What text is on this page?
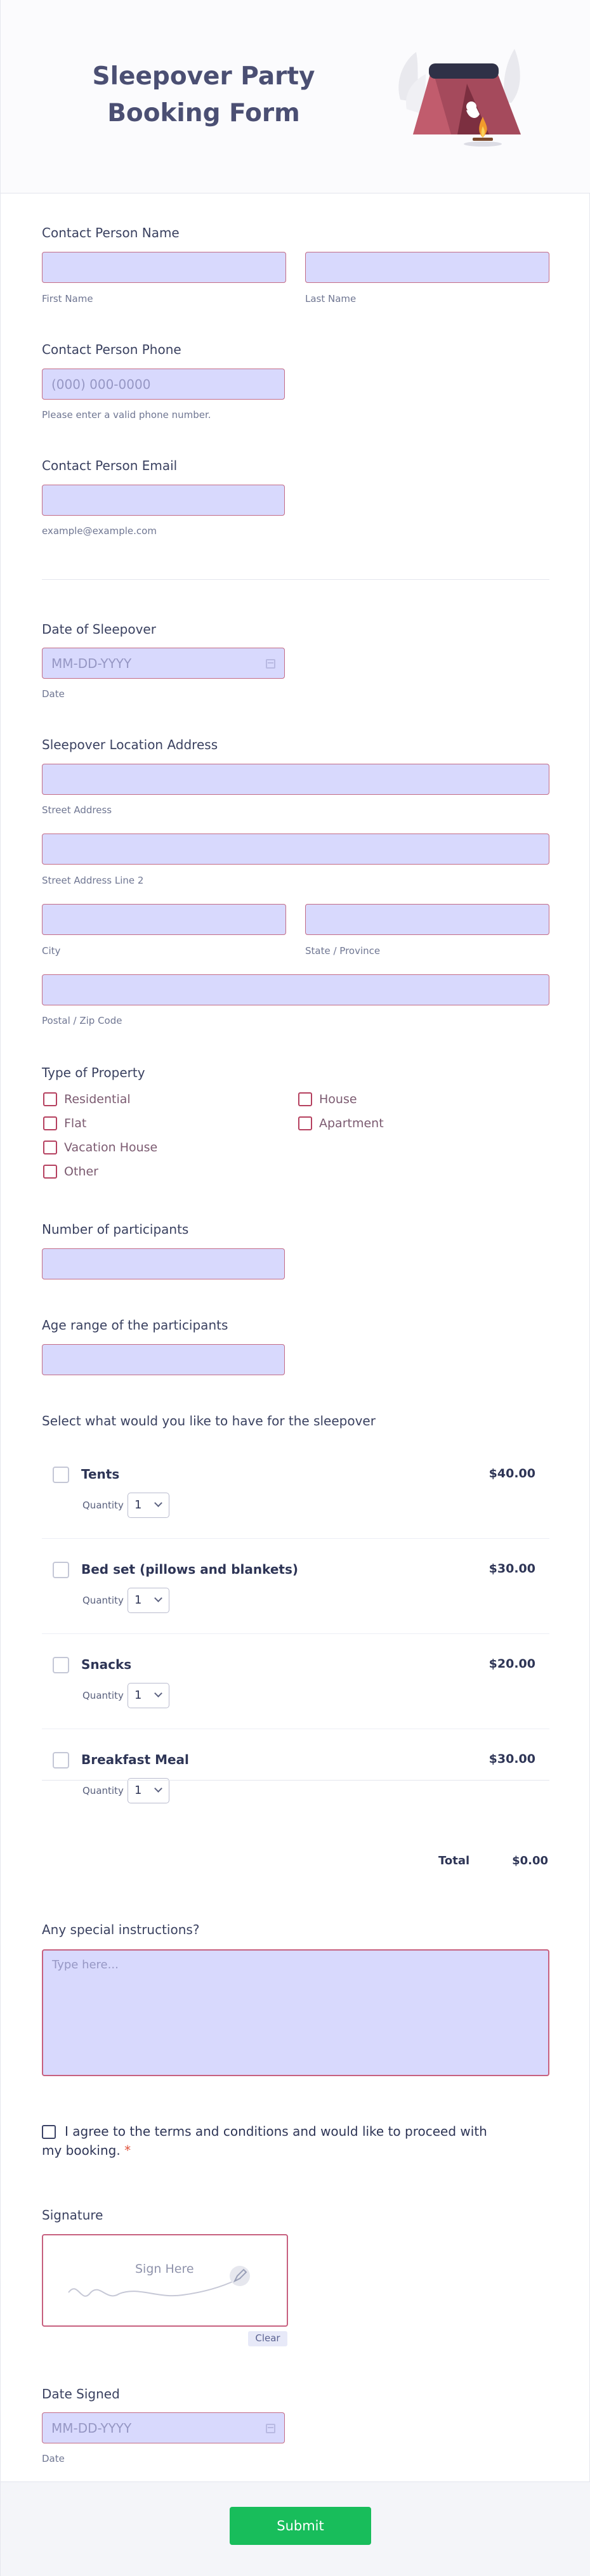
Sleepover Party Booking Form
Contact Person Name
First Name	Last Name
Contact Person Phone
(000) 000-0000
Please enter a valid phone number.
Contact Person Email
example@example.com
Date of Sleepover
MM-DD-YYYY
Date
Sleepover Location Address
Street Address
Street Address Line 2
City	State / Province
Postal / Zip Code
Type of Property
Residential	House
Flat	Apartment
Vacation House
Other
Number of participants
Age range of the participants
Select what would you like to have for the sleepover
Tents	$40.00
Quantity 1
Bed set (pillows and blankets)	$30.00
Quantity 1
Snacks	$20.00
Quantity 1
Breakfast Meal	$30.00
Quantity 1
Total	$0.00
Any special instructions?
Type here...
I agree to the terms and conditions and would like to proceed with my booking. *
Signature
Sign Here
Clear
Date Signed
MM-DD-YYYY
Date
Submit
